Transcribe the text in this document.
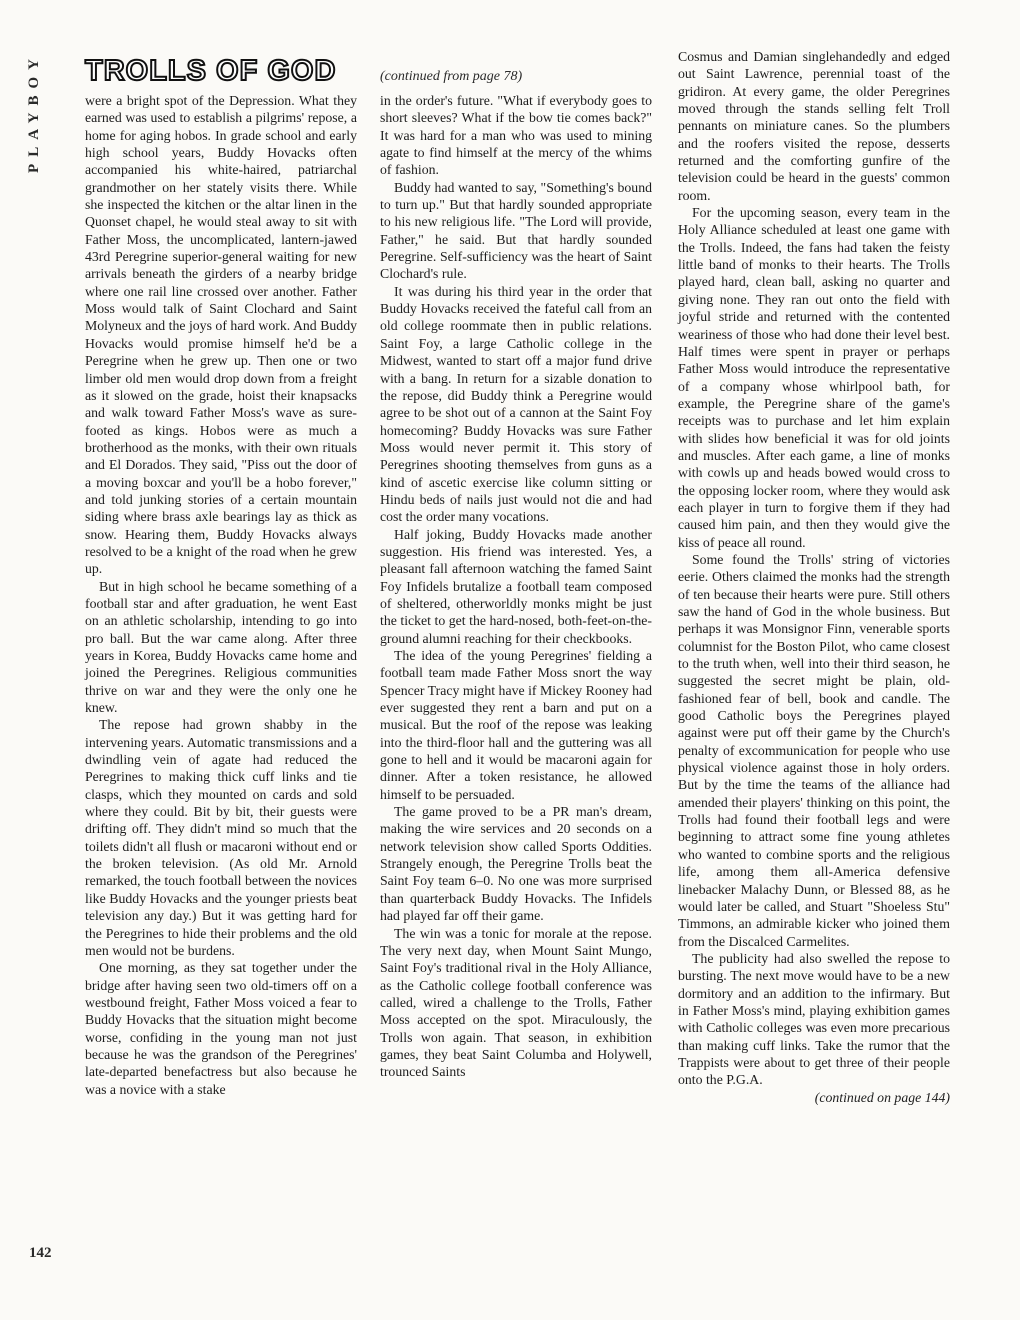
PLAYBOY TROLLS OF GOD	(continued from page 78)

were a bright spot of the Depression. What they earned was used to establish a pilgrims' repose, a home for aging hobos. In grade school and early high school years, Buddy Hovacks often accompanied his white-haired, patriarchal grandmother on her stately visits there. While she inspected the kitchen or the altar linen in the Quonset chapel, he would steal away to sit with Father Moss, the uncomplicated, lantern-jawed 43rd Peregrine superior-general waiting for new arrivals beneath the girders of a nearby bridge where one rail line crossed over another. Father Moss would talk of Saint Clochard and Saint Molyneux and the joys of hard work. And Buddy Hovacks would promise himself he'd be a Peregrine when he grew up. Then one or two limber old men would drop down from a freight as it slowed on the grade, hoist their knapsacks and walk toward Father Moss's wave as sure-footed as kings. Hobos were as much a brotherhood as the monks, with their own rituals and El Dorados. They said, "Piss out the door of a moving boxcar and you'll be a hobo forever," and told junking stories of a certain mountain siding where brass axle bearings lay as thick as snow. Hearing them, Buddy Hovacks always resolved to be a knight of the road when he grew up.

But in high school he became something of a football star and after graduation, he went East on an athletic scholarship, intending to go into pro ball. But the war came along. After three years in Korea, Buddy Hovacks came home and joined the Peregrines. Religious communities thrive on war and they were the only one he knew.

The repose had grown shabby in the intervening years. Automatic transmissions and a dwindling vein of agate had reduced the Peregrines to making thick cuff links and tie clasps, which they mounted on cards and sold where they could. Bit by bit, their guests were drifting off. They didn't mind so much that the toilets didn't all flush or macaroni without end or the broken television. (As old Mr. Arnold remarked, the touch football between the novices like Buddy Hovacks and the younger priests beat television any day.) But it was getting hard for the Peregrines to hide their problems and the old men would not be burdens.

One morning, as they sat together under the bridge after having seen two old-timers off on a westbound freight, Father Moss voiced a fear to Buddy Hovacks that the situation might become worse, confiding in the young man not just because he was the grandson of the Peregrines' late-departed benefactress but also because he was a novice with a stake

in the order's future. "What if everybody goes to short sleeves? What if the bow tie comes back?" It was hard for a man who was used to mining agate to find himself at the mercy of the whims of fashion.

Buddy had wanted to say, "Something's bound to turn up." But that hardly sounded appropriate to his new religious life. "The Lord will provide, Father," he said. But that hardly sounded Peregrine. Self-sufficiency was the heart of Saint Clochard's rule.

It was during his third year in the order that Buddy Hovacks received the fateful call from an old college roommate then in public relations. Saint Foy, a large Catholic college in the Midwest, wanted to start off a major fund drive with a bang. In return for a sizable donation to the repose, did Buddy think a Peregrine would agree to be shot out of a cannon at the Saint Foy homecoming? Buddy Hovacks was sure Father Moss would never permit it. This story of Peregrines shooting themselves from guns as a kind of ascetic exercise like column sitting or Hindu beds of nails just would not die and had cost the order many vocations.

Half joking, Buddy Hovacks made another suggestion. His friend was interested. Yes, a pleasant fall afternoon watching the famed Saint Foy Infidels brutalize a football team composed of sheltered, otherworldly monks might be just the ticket to get the hard-nosed, both-feet-on-the-ground alumni reaching for their checkbooks.

The idea of the young Peregrines' fielding a football team made Father Moss snort the way Spencer Tracy might have if Mickey Rooney had ever suggested they rent a barn and put on a musical. But the roof of the repose was leaking into the third-floor hall and the guttering was all gone to hell and it would be macaroni again for dinner. After a token resistance, he allowed himself to be persuaded.

The game proved to be a PR man's dream, making the wire services and 20 seconds on a network television show called Sports Oddities. Strangely enough, the Peregrine Trolls beat the Saint Foy team 6–0. No one was more surprised than quarterback Buddy Hovacks. The Infidels had played far off their game.

The win was a tonic for morale at the repose. The very next day, when Mount Saint Mungo, Saint Foy's traditional rival in the Holy Alliance, as the Catholic college football conference was called, wired a challenge to the Trolls, Father Moss accepted on the spot. Miraculously, the Trolls won again. That season, in exhibition games, they beat Saint Columba and Holywell, trounced Saints

Cosmus and Damian singlehandedly and edged out Saint Lawrence, perennial toast of the gridiron. At every game, the older Peregrines moved through the stands selling felt Troll pennants on miniature canes. So the plumbers and the roofers visited the repose, desserts returned and the comforting gunfire of the television could be heard in the guests' common room.

For the upcoming season, every team in the Holy Alliance scheduled at least one game with the Trolls. Indeed, the fans had taken the feisty little band of monks to their hearts. The Trolls played hard, clean ball, asking no quarter and giving none. They ran out onto the field with joyful stride and returned with the contented weariness of those who had done their level best. Half times were spent in prayer or perhaps Father Moss would introduce the representative of a company whose whirlpool bath, for example, the Peregrine share of the game's receipts was to purchase and let him explain with slides how beneficial it was for old joints and muscles. After each game, a line of monks with cowls up and heads bowed would cross to the opposing locker room, where they would ask each player in turn to forgive them if they had caused him pain, and then they would give the kiss of peace all round.

Some found the Trolls' string of victories eerie. Others claimed the monks had the strength of ten because their hearts were pure. Still others saw the hand of God in the whole business. But perhaps it was Monsignor Finn, venerable sports columnist for the Boston Pilot, who came closest to the truth when, well into their third season, he suggested the secret might be plain, old-fashioned fear of bell, book and candle. The good Catholic boys the Peregrines played against were put off their game by the Church's penalty of excommunication for people who use physical violence against those in holy orders. But by the time the teams of the alliance had amended their players' thinking on this point, the Trolls had found their football legs and were beginning to attract some fine young athletes who wanted to combine sports and the religious life, among them all-America defensive linebacker Malachy Dunn, or Blessed 88, as he would later be called, and Stuart "Shoeless Stu" Timmons, an admirable kicker who joined them from the Discalced Carmelites.

The publicity had also swelled the repose to bursting. The next move would have to be a new dormitory and an addition to the infirmary. But in Father Moss's mind, playing exhibition games with Catholic colleges was even more precarious than making cuff links. Take the rumor that the Trappists were about to get three of their people onto the P.G.A.

(continued on page 144)

142
